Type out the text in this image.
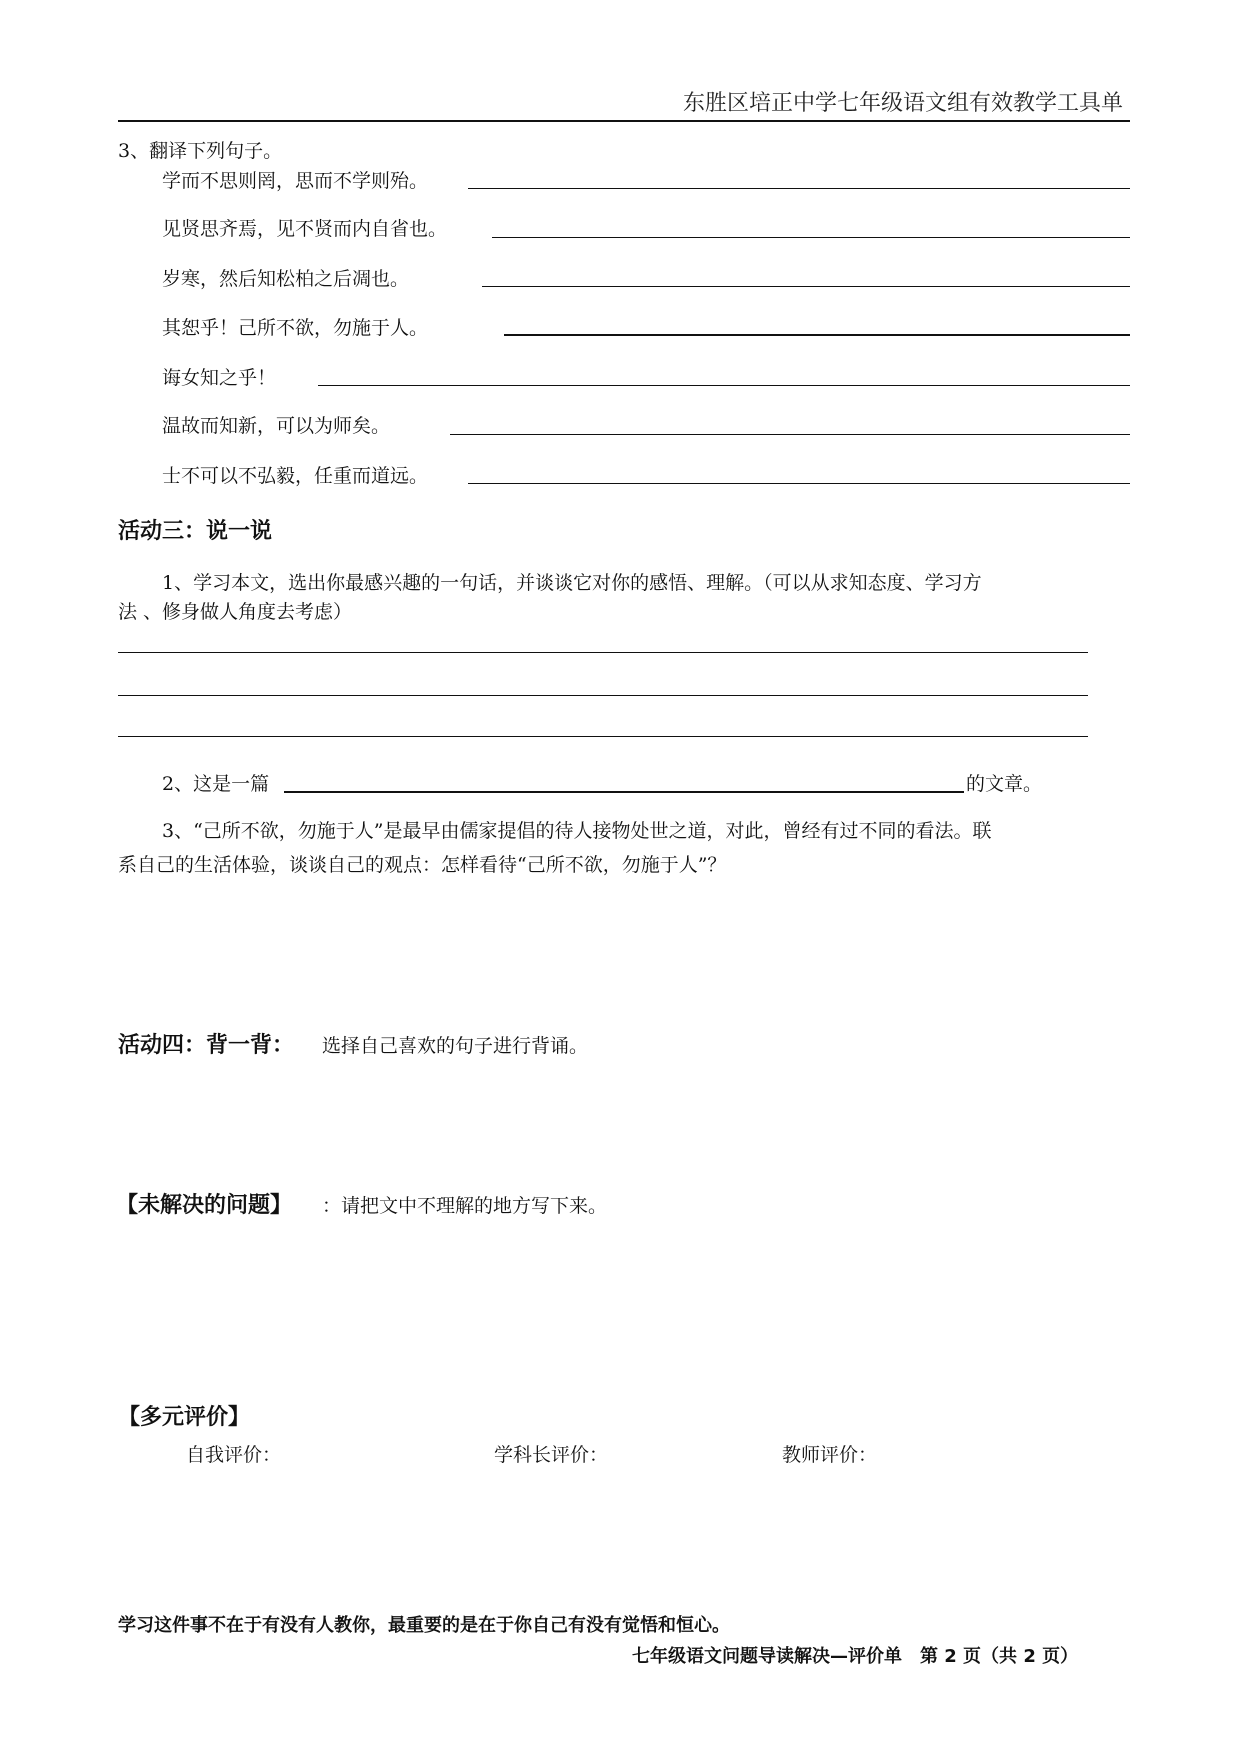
东胜区培正中学七年级语文组有效教学工具单
3、翻译下列句子。
学而不思则罔，思而不学则殆。
见贤思齐焉，见不贤而内自省也。
岁寒，然后知松柏之后凋也。
其恕乎！己所不欲，勿施于人。
诲女知之乎！
温故而知新，可以为师矣。
士不可以不弘毅，任重而道远。
活动三：说一说
1、学习本文，选出你最感兴趣的一句话，并谈谈它对你的感悟、理解。（可以从求知态度、学习方
法 、修身做人角度去考虑）
2、这是一篇	的文章。
3、“己所不欲，勿施于人”是最早由儒家提倡的待人接物处世之道，对此，曾经有过不同的看法。联
系自己的生活体验，谈谈自己的观点：怎样看待“己所不欲，勿施于人”？
活动四：背一背： 选择自己喜欢的句子进行背诵。
【未解决的问题】 ：请把文中不理解的地方写下来。
【多元评价】
自我评价：	学科长评价：	教师评价：
学习这件事不在于有没有人教你，最重要的是在于你自己有没有觉悟和恒心。
七年级语文问题导读解决—评价单　第 2 页（共 2 页）
